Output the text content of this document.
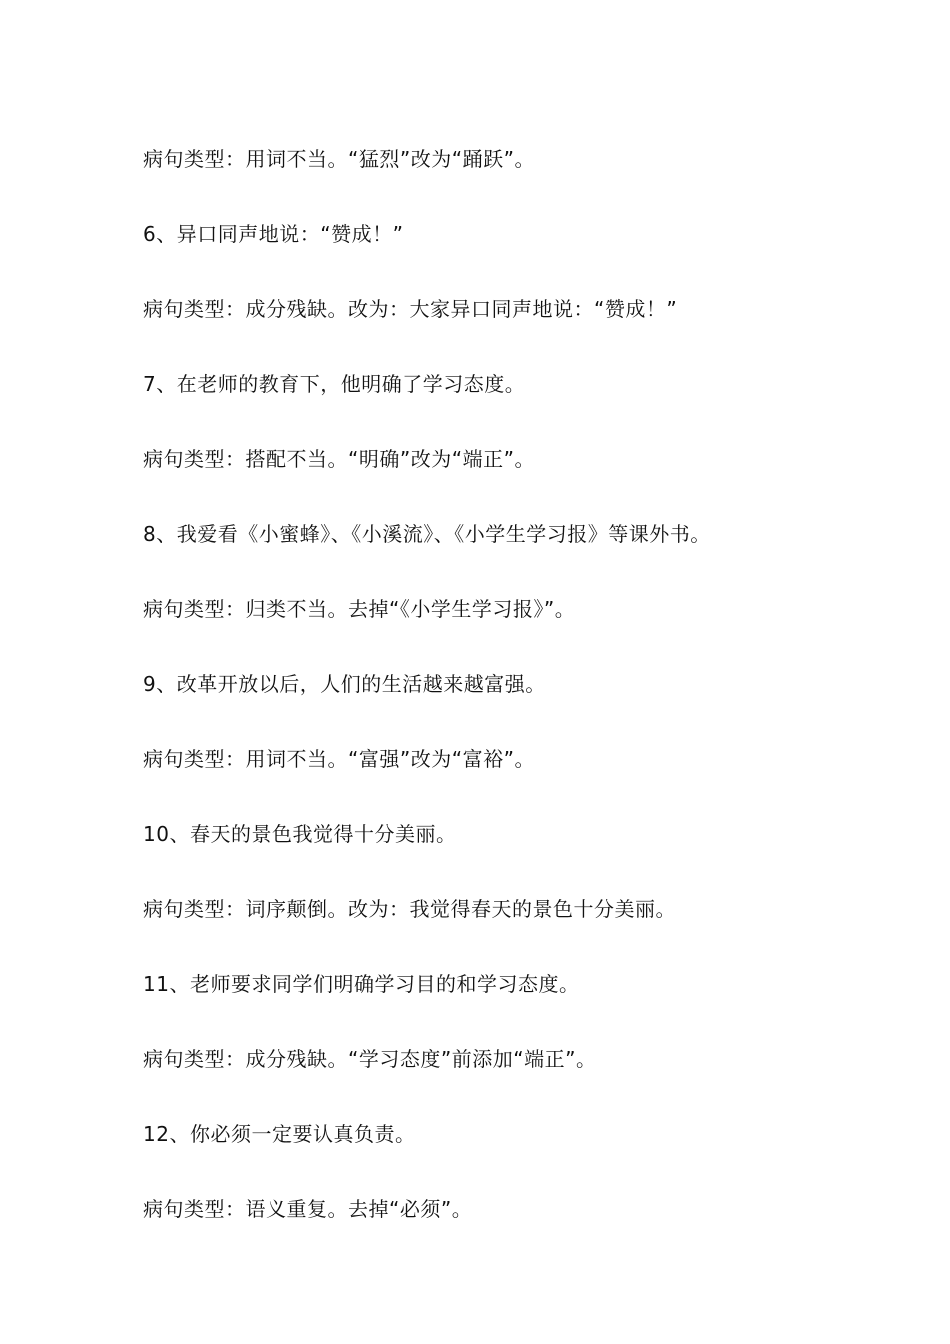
病句类型：用词不当。“猛烈”改为“踊跃”。
6、异口同声地说：“赞成！”
病句类型：成分残缺。改为：大家异口同声地说：“赞成！”
7、在老师的教育下，他明确了学习态度。
病句类型：搭配不当。“明确”改为“端正”。
8、我爱看《小蜜蜂》、《小溪流》、《小学生学习报》等课外书。
病句类型：归类不当。去掉“《小学生学习报》”。
9、改革开放以后，人们的生活越来越富强。
病句类型：用词不当。“富强”改为“富裕”。
10、春天的景色我觉得十分美丽。
病句类型：词序颠倒。改为：我觉得春天的景色十分美丽。
11、老师要求同学们明确学习目的和学习态度。
病句类型：成分残缺。“学习态度”前添加“端正”。
12、你必须一定要认真负责。
病句类型：语义重复。去掉“必须”。
